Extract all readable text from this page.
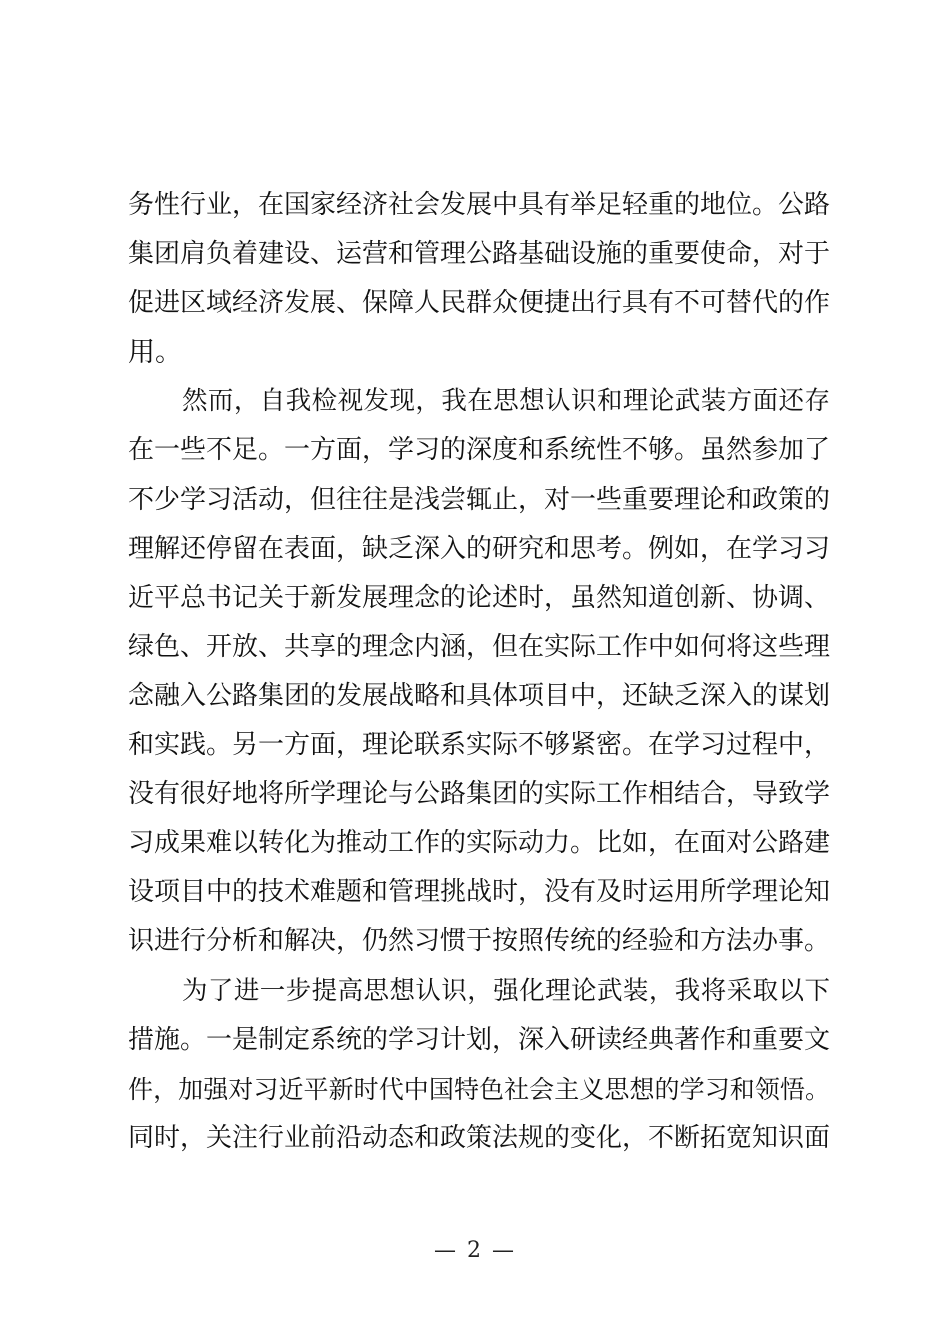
务性行业，在国家经济社会发展中具有举足轻重的地位。公路
集团肩负着建设、运营和管理公路基础设施的重要使命，对于
促进区域经济发展、保障人民群众便捷出行具有不可替代的作
用。
然而，自我检视发现，我在思想认识和理论武装方面还存
在一些不足。一方面，学习的深度和系统性不够。虽然参加了
不少学习活动，但往往是浅尝辄止，对一些重要理论和政策的
理解还停留在表面，缺乏深入的研究和思考。例如，在学习习
近平总书记关于新发展理念的论述时，虽然知道创新、协调、
绿色、开放、共享的理念内涵，但在实际工作中如何将这些理
念融入公路集团的发展战略和具体项目中，还缺乏深入的谋划
和实践。另一方面，理论联系实际不够紧密。在学习过程中，
没有很好地将所学理论与公路集团的实际工作相结合，导致学
习成果难以转化为推动工作的实际动力。比如，在面对公路建
设项目中的技术难题和管理挑战时，没有及时运用所学理论知
识进行分析和解决，仍然习惯于按照传统的经验和方法办事。
为了进一步提高思想认识，强化理论武装，我将采取以下
措施。一是制定系统的学习计划，深入研读经典著作和重要文
件，加强对习近平新时代中国特色社会主义思想的学习和领悟。
同时，关注行业前沿动态和政策法规的变化，不断拓宽知识面
— 2 —
